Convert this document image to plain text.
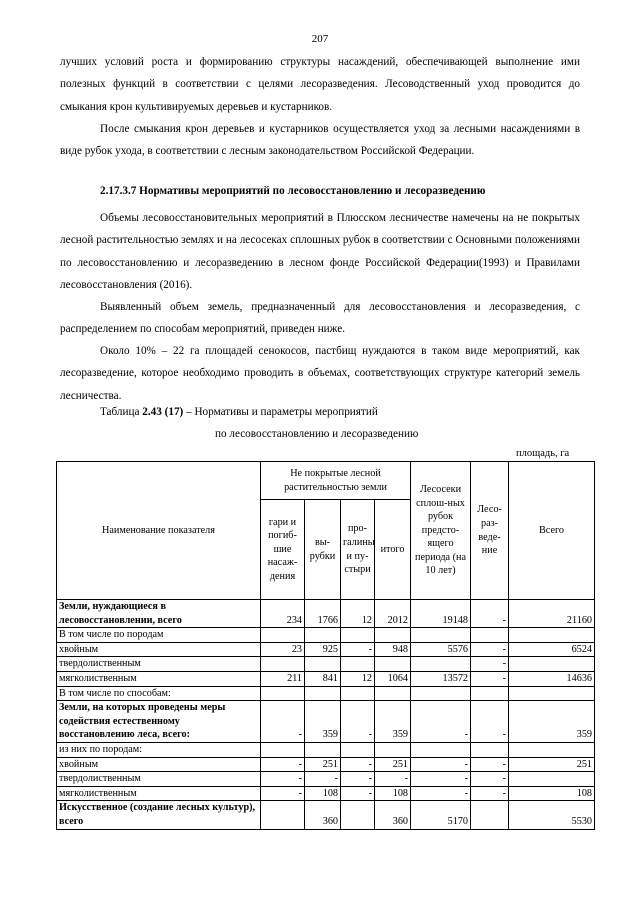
207

лучших условий роста и формированию структуры насаждений, обеспечивающей выполнение ими полезных функций в соответствии с целями лесоразведения. Лесоводственный уход проводится до смыкания крон культивируемых деревьев и кустарников.

После смыкания крон деревьев и кустарников осуществляется уход за лесными насаждениями в виде рубок ухода, в соответствии с лесным законодательством Российской Федерации.

2.17.3.7 Нормативы мероприятий по лесовосстановлению и лесоразведению

Объемы лесовосстановительных мероприятий в Плюсском лесничестве намечены на не покрытых лесной растительностью землях и на лесосеках сплошных рубок в соответствии с Основными положениями по лесовосстановлению и лесоразведению в лесном фонде Российской Федерации(1993) и Правилами лесовосстановления (2016).

Выявленный объем земель, предназначенный для лесовосстановления и лесоразведения, с распределением по способам мероприятий, приведен ниже.

Около 10% – 22 га площадей сенокосов, пастбищ нуждаются в таком виде мероприятий, как лесоразведение, которое необходимо проводить в объемах, соответствующих структуре категорий земель лесничества.

Таблица 2.43 (17) – Нормативы и параметры мероприятий
по лесовосстановлению и лесоразведению
площадь, га
Наименование показателя	Не покрытые лесной растительностью земли				Лесосеки сплош-ных рубок предсто-ящего периода (на 10 лет)	Лесо-раз-веде-ние	Всего
	гари и погиб-шие насаж-дения	вы-рубки	про-галины и пу-стыри	итого			
Земли, нуждающиеся в лесовосстановлении, всего	234	1766	12	2012	19148	-	21160
В том числе по породам							
хвойным	23	925	-	948	5576	-	6524
твердолиственным						-	
мягколиственным	211	841	12	1064	13572	-	14636
В том числе по способам:							
Земли, на которых проведены меры содействия естественному восстановлению леса, всего:	-	359	-	359	-	-	359
из них по породам:							
хвойным	-	251	-	251	-	-	251
твердолиственным	-	-	-	-	-	-	
мягколиственным	-	108	-	108	-	-	108
Искусственное (создание лесных культур), всего		360		360	5170		5530
